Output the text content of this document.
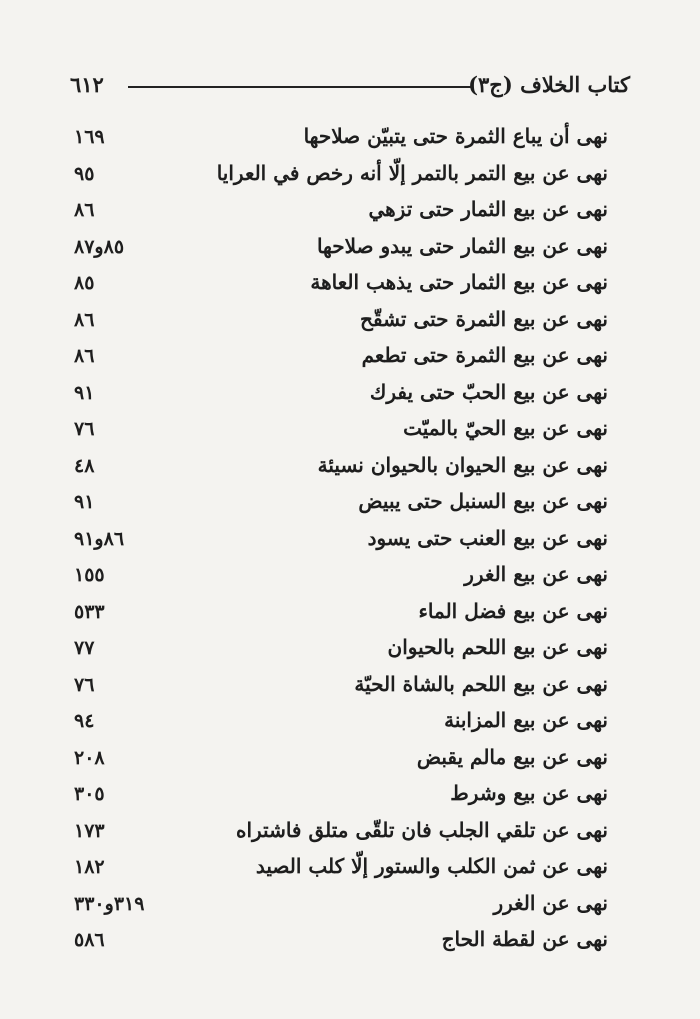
كتاب الخلاف (ج٣)
٦١٢
نهى أن يباع الثمرة حتى يتبيّن صلاحها
١٦٩
نهى عن بيع التمر بالتمر إلّا أنه رخص في العرايا
٩٥
نهى عن بيع الثمار حتى تزهي
٨٦
نهى عن بيع الثمار حتى يبدو صلاحها
٨٥و٨٧
نهى عن بيع الثمار حتى يذهب العاهة
٨٥
نهى عن بيع الثمرة حتى تشقّح
٨٦
نهى عن بيع الثمرة حتى تطعم
٨٦
نهى عن بيع الحبّ حتى يفرك
٩١
نهى عن بيع الحيّ بالميّت
٧٦
نهى عن بيع الحيوان بالحيوان نسيئة
٤٨
نهى عن بيع السنبل حتى يبيض
٩١
نهى عن بيع العنب حتى يسود
٨٦و٩١
نهى عن بيع الغرر
١٥٥
نهى عن بيع فضل الماء
٥٣٣
نهى عن بيع اللحم بالحيوان
٧٧
نهى عن بيع اللحم بالشاة الحيّة
٧٦
نهى عن بيع المزابنة
٩٤
نهى عن بيع مالم يقبض
٢٠٨
نهى عن بيع وشرط
٣٠٥
نهى عن تلقي الجلب فان تلقّى متلق فاشتراه
١٧٣
نهى عن ثمن الكلب والستور إلّا كلب الصيد
١٨٢
نهى عن الغرر
٣١٩و٣٣٠
نهى عن لقطة الحاج
٥٨٦
